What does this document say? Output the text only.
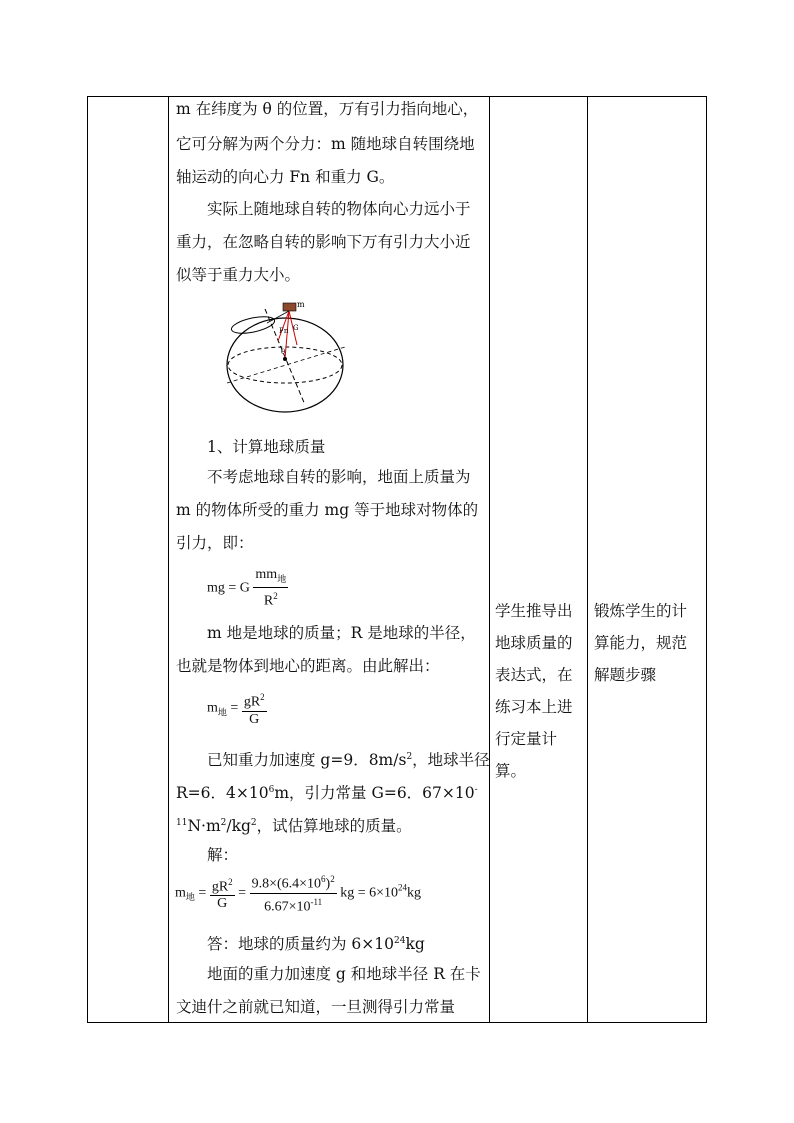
m 在纬度为 θ 的位置，万有引力指向地心，
它可分解为两个分力：m 随地球自转围绕地
轴运动的向心力 Fn 和重力 G。
实际上随地球自转的物体向心力远小于
重力，在忽略自转的影响下万有引力大小近
似等于重力大小。
m
Fn G
θ
1、计算地球质量
不考虑地球自转的影响，地面上质量为
m 的物体所受的重力 mg 等于地球对物体的
引力，即：
mg = G $\frac{mm_地}{R^2}$
m 地是地球的质量；R 是地球的半径，
也就是物体到地心的距离。由此解出：
$m_地 = \frac{gR^2}{G}$
已知重力加速度 g=9．$8m/s^2$，地球半径
R=6．$4\times 10^6m$，引力常量 G=6．67×10-
$^{11}N\cdot m^2/kg^2$，试估算地球的质量。
解：
$m_地 = \frac{gR^2}{G} = \frac{9.8\times(6.4\times 10^6)^2}{6.67\times 10^{-11}}$ kg = $6\times 10^{24}kg$
答：地球的质量约为 $6\times 10^{24}kg$
地面的重力加速度 g 和地球半径 R 在卡
文迪什之前就已知道，一旦测得引力常量
学生推导出
地球质量的
表达式，在
练习本上进
行定量计
算。
锻炼学生的计
算能力，规范
解题步骤
